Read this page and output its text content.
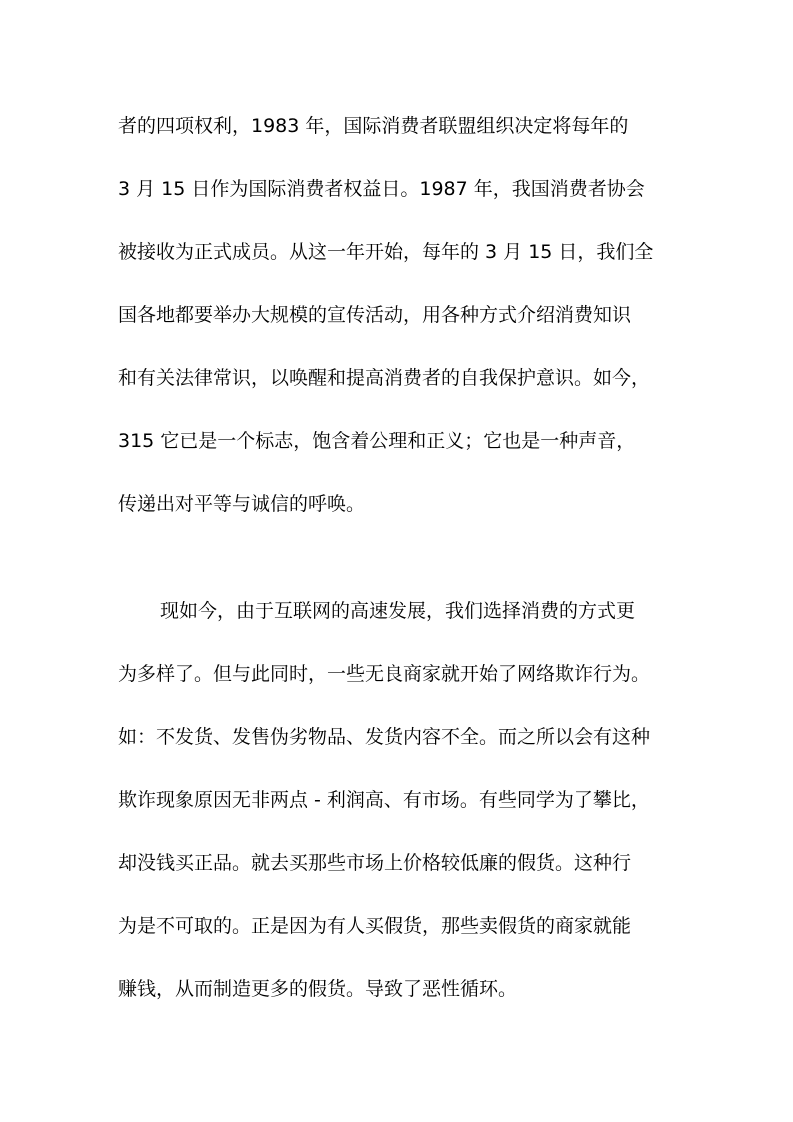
者的四项权利，1983 年，国际消费者联盟组织决定将每年的
3 月 15 日作为国际消费者权益日。1987 年，我国消费者协会
被接收为正式成员。从这一年开始，每年的 3 月 15 日，我们全
国各地都要举办大规模的宣传活动，用各种方式介绍消费知识
和有关法律常识，以唤醒和提高消费者的自我保护意识。如今，
315 它已是一个标志，饱含着公理和正义；它也是一种声音，
传递出对平等与诚信的呼唤。
现如今，由于互联网的高速发展，我们选择消费的方式更
为多样了。但与此同时，一些无良商家就开始了网络欺诈行为。
如：不发货、发售伪劣物品、发货内容不全。而之所以会有这种
欺诈现象原因无非两点 - 利润高、有市场。有些同学为了攀比，
却没钱买正品。就去买那些市场上价格较低廉的假货。这种行
为是不可取的。正是因为有人买假货，那些卖假货的商家就能
赚钱，从而制造更多的假货。导致了恶性循环。
